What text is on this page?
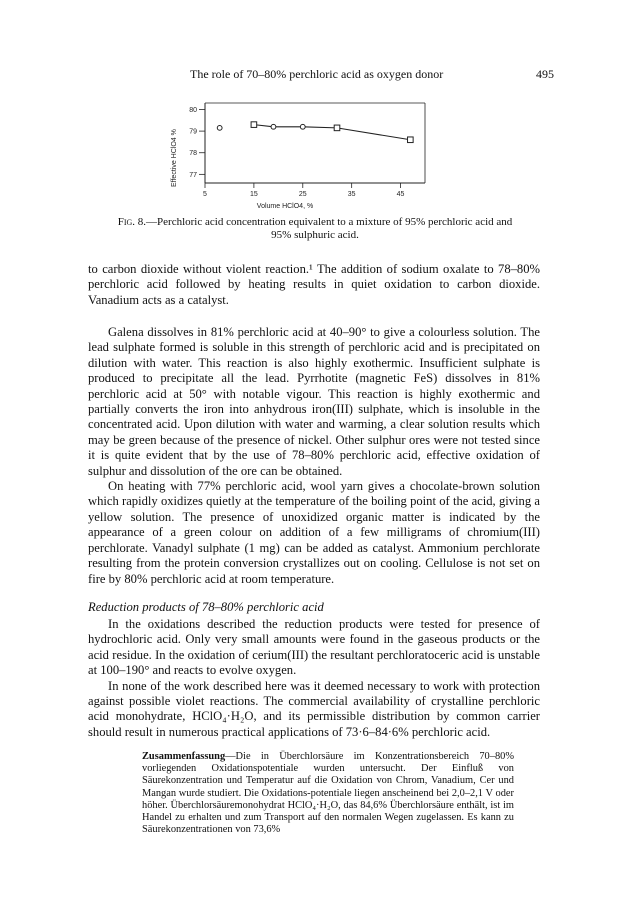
The role of 70–80% perchloric acid as oxygen donor	495
Effective HClO4 %
Volume HClO4, %
80
79
78
77
5	15	25	35	45
Fig. 8.—Perchloric acid concentration equivalent to a mixture of 95% perchloric acid and 95% sulphuric acid.

to carbon dioxide without violent reaction.¹ The addition of sodium oxalate to 78–80% perchloric acid followed by heating results in quiet oxidation to carbon dioxide. Vanadium acts as a catalyst.

Galena dissolves in 81% perchloric acid at 40–90° to give a colourless solution. The lead sulphate formed is soluble in this strength of perchloric acid and is precipitated on dilution with water. This reaction is also highly exothermic. Insufficient sulphate is produced to precipitate all the lead. Pyrrhotite (magnetic FeS) dissolves in 81% perchloric acid at 50° with notable vigour. This reaction is highly exothermic and partially converts the iron into anhydrous iron(III) sulphate, which is insoluble in the concentrated acid. Upon dilution with water and warming, a clear solution results which may be green because of the presence of nickel. Other sulphur ores were not tested since it is quite evident that by the use of 78–80% perchloric acid, effective oxidation of sulphur and dissolution of the ore can be obtained.

On heating with 77% perchloric acid, wool yarn gives a chocolate-brown solution which rapidly oxidizes quietly at the temperature of the boiling point of the acid, giving a yellow solution. The presence of unoxidized organic matter is indicated by the appearance of a green colour on addition of a few milligrams of chromium(III) perchlorate. Vanadyl sulphate (1 mg) can be added as catalyst. Ammonium perchlorate resulting from the protein conversion crystallizes out on cooling. Cellulose is not set on fire by 80% perchloric acid at room temperature.

Reduction products of 78–80% perchloric acid

In the oxidations described the reduction products were tested for presence of hydrochloric acid. Only very small amounts were found in the gaseous products or the acid residue. In the oxidation of cerium(III) the resultant perchloratoceric acid is unstable at 100–190° and reacts to evolve oxygen.

In none of the work described here was it deemed necessary to work with protection against possible violet reactions. The commercial availability of crystalline perchloric acid monohydrate, HClO₄·H₂O, and its permissible distribution by common carrier should result in numerous practical applications of 73·6–84·6% perchloric acid.

Zusammenfassung—Die in Überchlorsäure im Konzentrationsbereich 70–80% vorliegenden Oxidationspotentiale wurden untersucht. Der Einfluß von Säurekonzentration und Temperatur auf die Oxidation von Chrom, Vanadium, Cer und Mangan wurde studiert. Die Oxidations-potentiale liegen anscheinend bei 2,0–2,1 V oder höher. Überchlorsäuremonohydrat HClO₄·H₂O, das 84,6% Überchlorsäure enthält, ist im Handel zu erhalten und zum Transport auf den normalen Wegen zugelassen. Es kann zu Säurekonzentrationen von 73,6%
